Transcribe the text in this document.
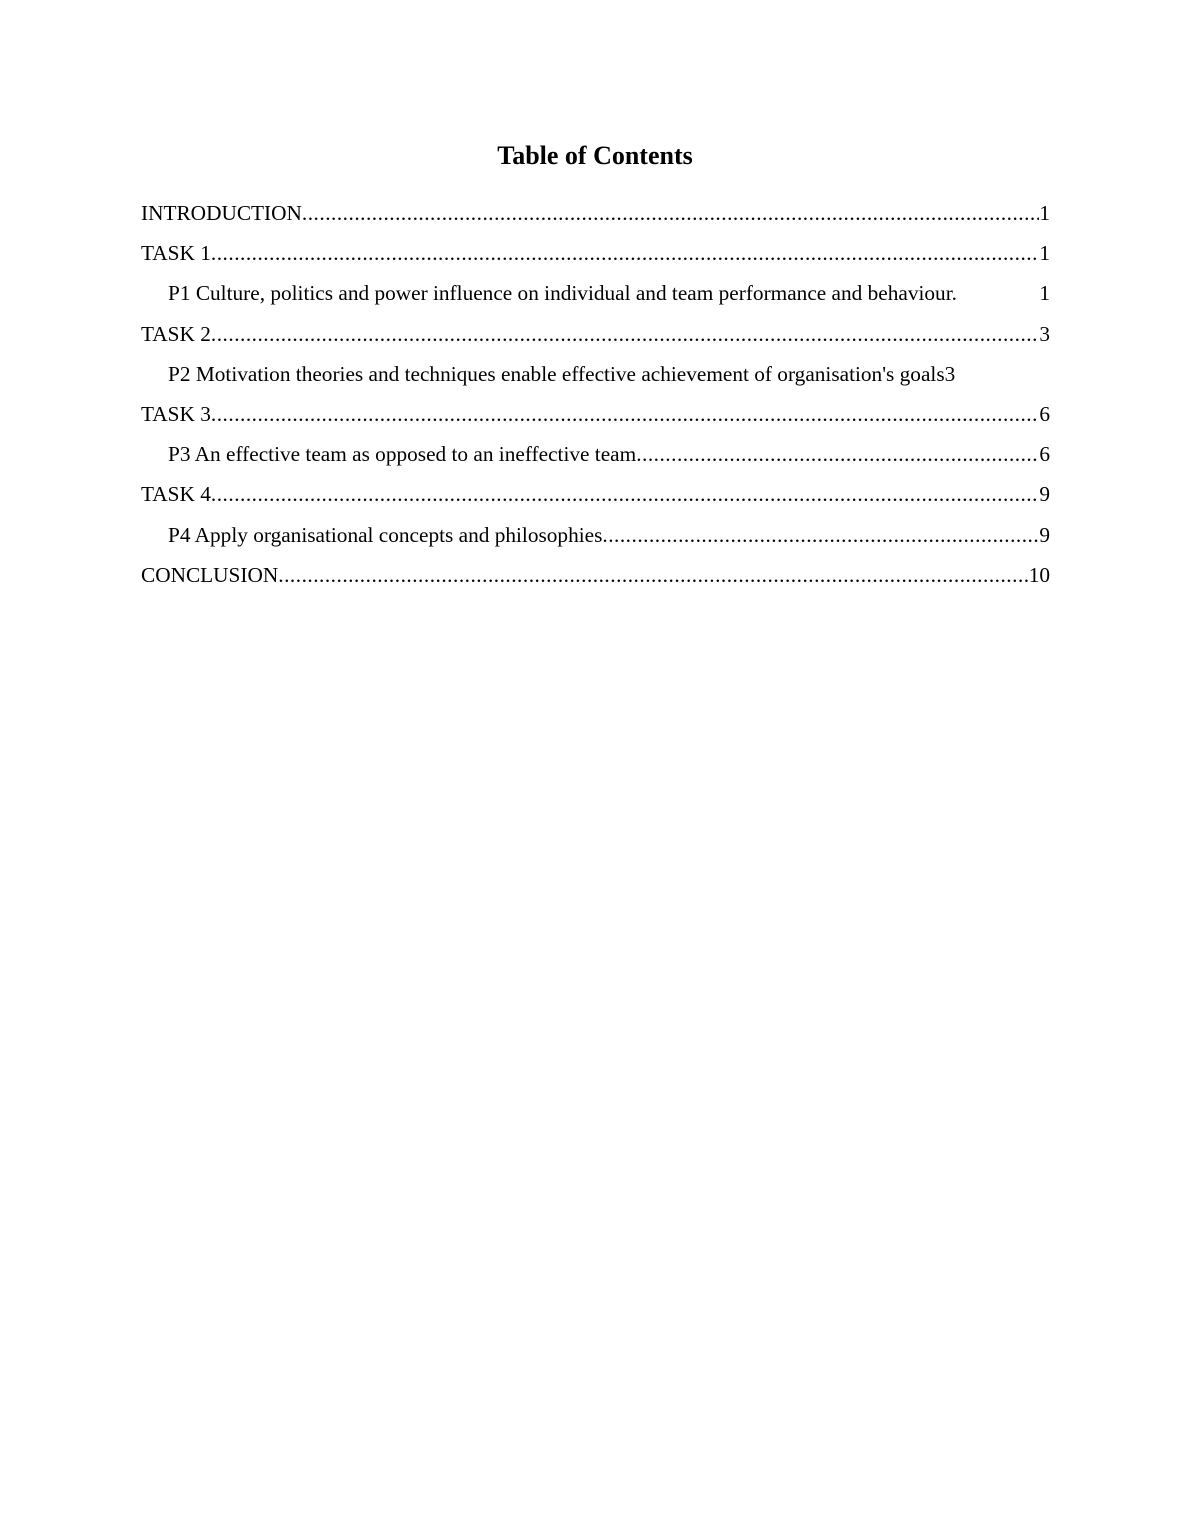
Table of Contents
INTRODUCTION .....	1
TASK 1 .....	1
P1 Culture, politics and power influence on individual and team performance and behaviour.	1
TASK 2 .....	3
P2 Motivation theories and techniques enable effective achievement of organisation's goals 3
TASK 3 .....	6
P3 An effective team as opposed to an ineffective team .....	6
TASK 4 .....	9
P4 Apply organisational concepts and philosophies .....	9
CONCLUSION .....	10
